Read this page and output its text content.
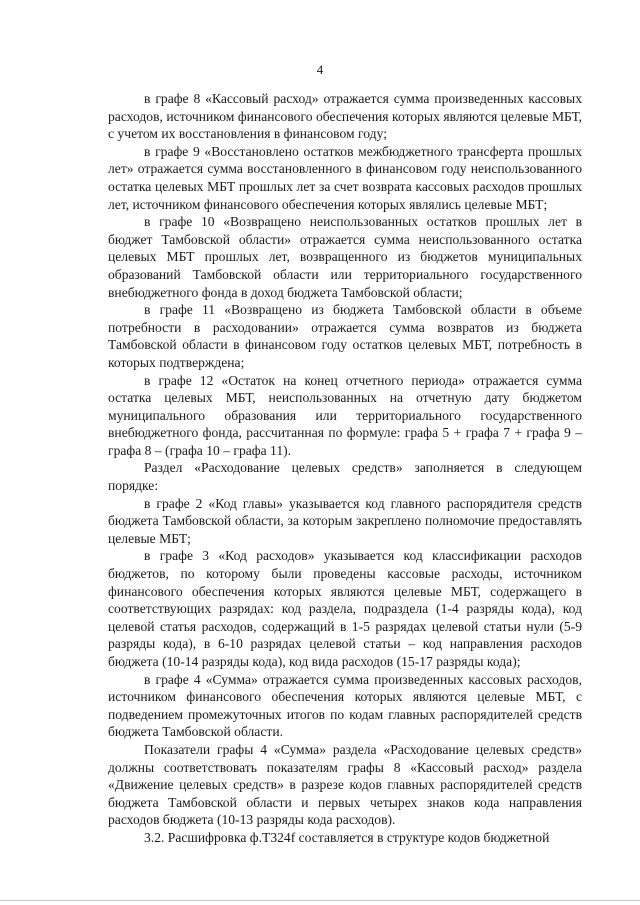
4

в графе 8 «Кассовый расход» отражается сумма произведенных кассовых расходов, источником финансового обеспечения которых являются целевые МБТ, с учетом их восстановления в финансовом году;

в графе 9 «Восстановлено остатков межбюджетного трансферта прошлых лет» отражается сумма восстановленного в финансовом году неиспользованного остатка целевых МБТ прошлых лет за счет возврата кассовых расходов прошлых лет, источником финансового обеспечения которых являлись целевые МБТ;

в графе 10 «Возвращено неиспользованных остатков прошлых лет в бюджет Тамбовской области» отражается сумма неиспользованного остатка целевых МБТ прошлых лет, возвращенного из бюджетов муниципальных образований Тамбовской области или территориального государственного внебюджетного фонда в доход бюджета Тамбовской области;

в графе 11 «Возвращено из бюджета Тамбовской области в объеме потребности в расходовании» отражается сумма возвратов из бюджета Тамбовской области в финансовом году остатков целевых МБТ, потребность в которых подтверждена;

в графе 12 «Остаток на конец отчетного периода» отражается сумма остатка целевых МБТ, неиспользованных на отчетную дату бюджетом муниципального образования или территориального государственного внебюджетного фонда, рассчитанная по формуле: графа 5 + графа 7 + графа 9 – графа 8 – (графа 10 – графа 11).

Раздел «Расходование целевых средств» заполняется в следующем порядке:

в графе 2 «Код главы» указывается код главного распорядителя средств бюджета Тамбовской области, за которым закреплено полномочие предоставлять целевые МБТ;

в графе 3 «Код расходов» указывается код классификации расходов бюджетов, по которому были проведены кассовые расходы, источником финансового обеспечения которых являются целевые МБТ, содержащего в соответствующих разрядах: код раздела, подраздела (1-4 разряды кода), код целевой статья расходов, содержащий в 1-5 разрядах целевой статьи нули (5-9 разряды кода), в 6-10 разрядах целевой статьи – код направления расходов бюджета (10-14 разряды кода), код вида расходов (15-17 разряды кода);

в графе 4 «Сумма» отражается сумма произведенных кассовых расходов, источником финансового обеспечения которых являются целевые МБТ, с подведением промежуточных итогов по кодам главных распорядителей средств бюджета Тамбовской области.

Показатели графы 4 «Сумма» раздела «Расходование целевых средств» должны соответствовать показателям графы 8 «Кассовый расход» раздела «Движение целевых средств» в разрезе кодов главных распорядителей средств бюджета Тамбовской области и первых четырех знаков кода направления расходов бюджета (10-13 разряды кода расходов).

3.2. Расшифровка ф.Т324f составляется в структуре кодов бюджетной
